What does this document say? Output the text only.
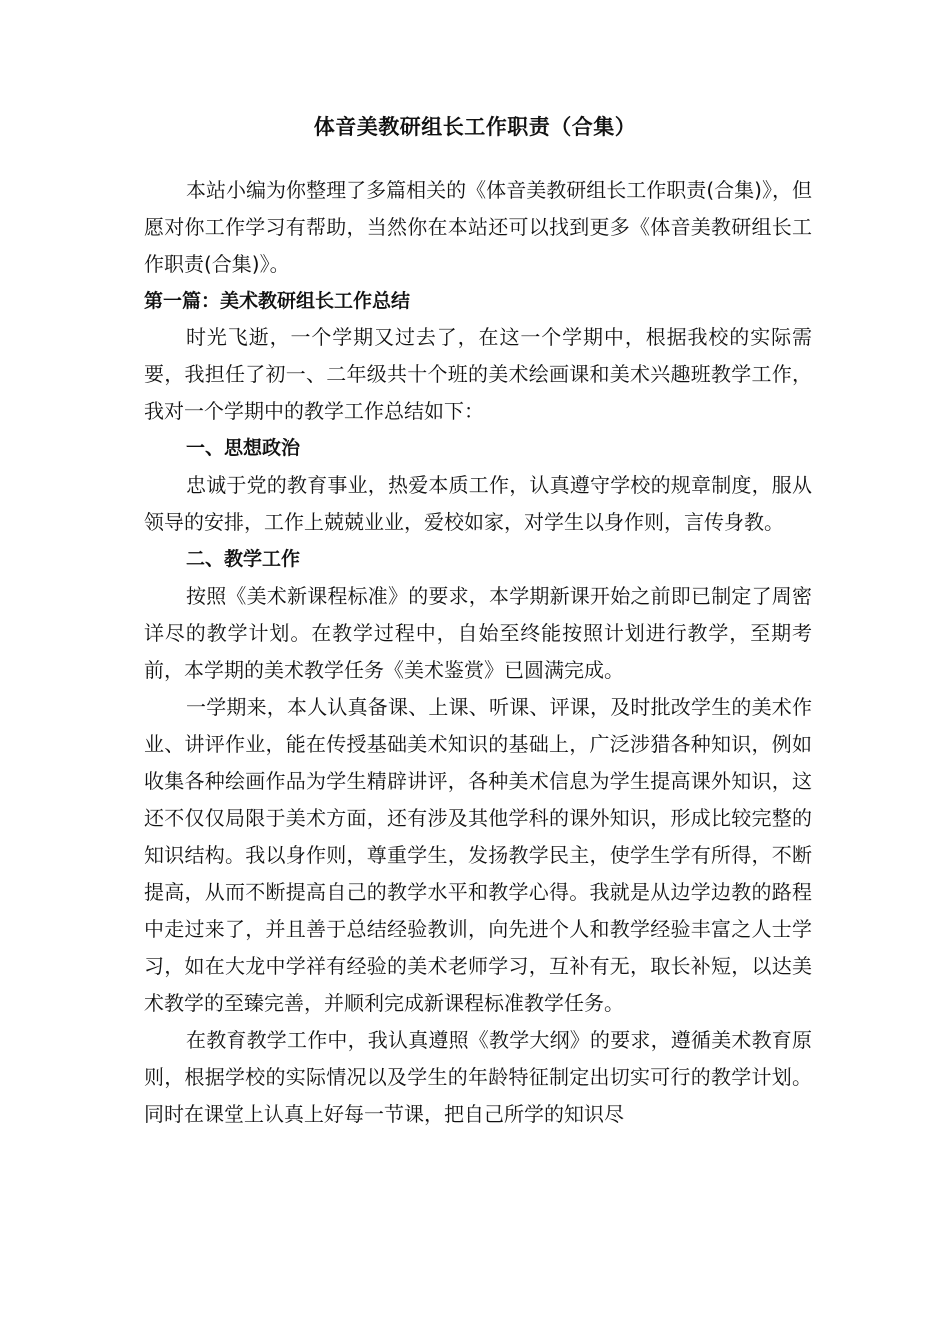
体音美教研组长工作职责（合集）

本站小编为你整理了多篇相关的《体音美教研组长工作职责(合集)》，但愿对你工作学习有帮助，当然你在本站还可以找到更多《体音美教研组长工作职责(合集)》。

第一篇：美术教研组长工作总结

时光飞逝，一个学期又过去了，在这一个学期中，根据我校的实际需要，我担任了初一、二年级共十个班的美术绘画课和美术兴趣班教学工作，我对一个学期中的教学工作总结如下：

一、思想政治

忠诚于党的教育事业，热爱本质工作，认真遵守学校的规章制度，服从领导的安排，工作上兢兢业业，爱校如家，对学生以身作则，言传身教。

二、教学工作

按照《美术新课程标准》的要求，本学期新课开始之前即已制定了周密详尽的教学计划。在教学过程中，自始至终能按照计划进行教学，至期考前，本学期的美术教学任务《美术鉴赏》已圆满完成。

一学期来，本人认真备课、上课、听课、评课，及时批改学生的美术作业、讲评作业，能在传授基础美术知识的基础上，广泛涉猎各种知识，例如收集各种绘画作品为学生精辟讲评，各种美术信息为学生提高课外知识，这还不仅仅局限于美术方面，还有涉及其他学科的课外知识，形成比较完整的知识结构。我以身作则，尊重学生，发扬教学民主，使学生学有所得，不断提高，从而不断提高自己的教学水平和教学心得。我就是从边学边教的路程中走过来了，并且善于总结经验教训，向先进个人和教学经验丰富之人士学习，如在大龙中学祥有经验的美术老师学习，互补有无，取长补短，以达美术教学的至臻完善，并顺利完成新课程标准教学任务。

在教育教学工作中，我认真遵照《教学大纲》的要求，遵循美术教育原则，根据学校的实际情况以及学生的年龄特征制定出切实可行的教学计划。同时在课堂上认真上好每一节课，把自己所学的知识尽
